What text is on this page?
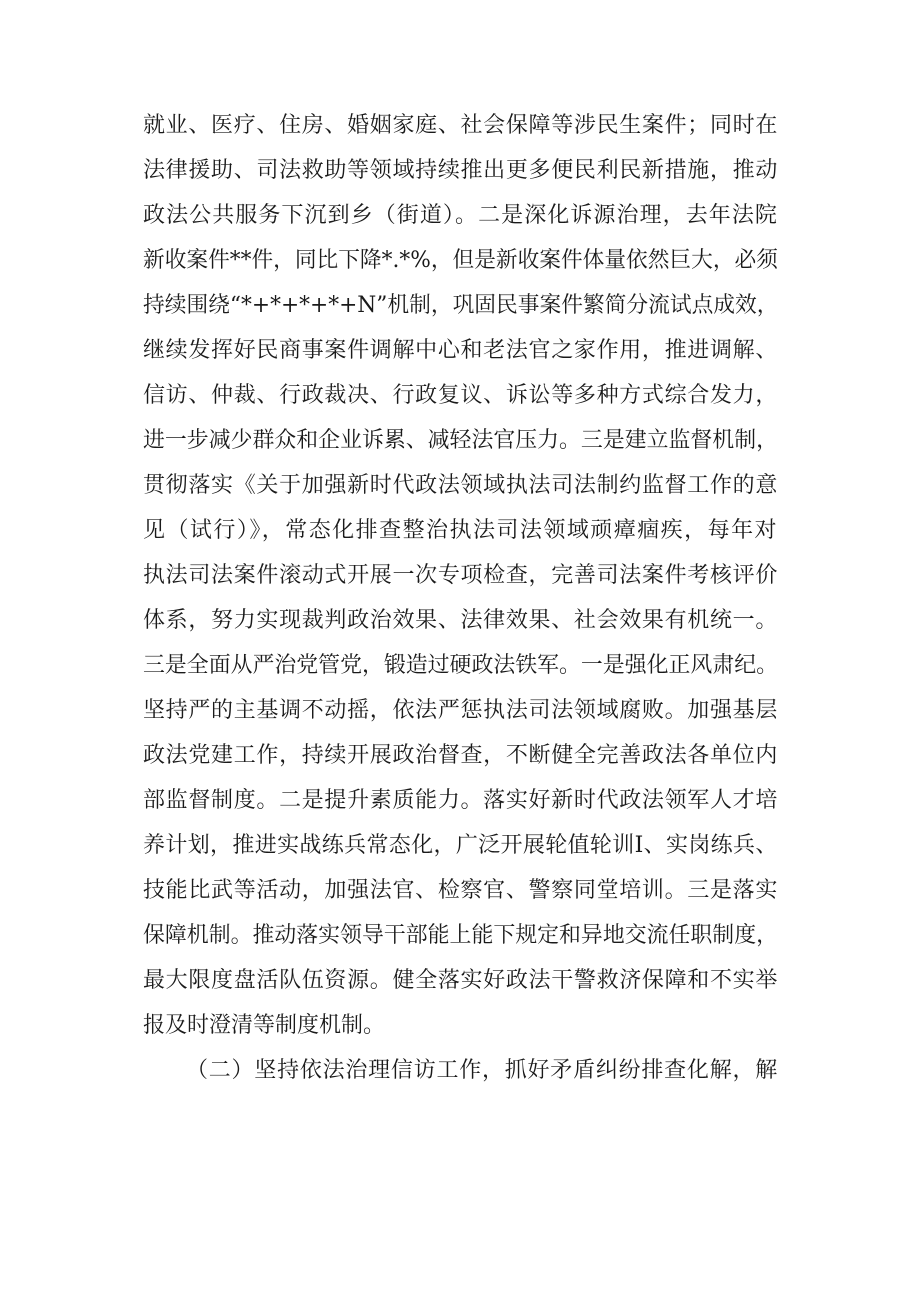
就业、医疗、住房、婚姻家庭、社会保障等涉民生案件；同时在
法律援助、司法救助等领域持续推出更多便民利民新措施，推动
政法公共服务下沉到乡（街道）。二是深化诉源治理，去年法院
新收案件**件，同比下降*.*%，但是新收案件体量依然巨大，必须
持续围绕“*+*+*+*+N”机制，巩固民事案件繁简分流试点成效，
继续发挥好民商事案件调解中心和老法官之家作用，推进调解、
信访、仲裁、行政裁决、行政复议、诉讼等多种方式综合发力，
进一步减少群众和企业诉累、减轻法官压力。三是建立监督机制，
贯彻落实《关于加强新时代政法领域执法司法制约监督工作的意
见（试行）》，常态化排查整治执法司法领域顽瘴痼疾，每年对
执法司法案件滚动式开展一次专项检查，完善司法案件考核评价
体系，努力实现裁判政治效果、法律效果、社会效果有机统一。
三是全面从严治党管党，锻造过硬政法铁军。一是强化正风肃纪。
坚持严的主基调不动摇，依法严惩执法司法领域腐败。加强基层
政法党建工作，持续开展政治督查，不断健全完善政法各单位内
部监督制度。二是提升素质能力。落实好新时代政法领军人才培
养计划，推进实战练兵常态化，广泛开展轮值轮训I、实岗练兵、
技能比武等活动，加强法官、检察官、警察同堂培训。三是落实
保障机制。推动落实领导干部能上能下规定和异地交流任职制度，
最大限度盘活队伍资源。健全落实好政法干警救济保障和不实举
报及时澄清等制度机制。
（二）坚持依法治理信访工作，抓好矛盾纠纷排查化解，解
